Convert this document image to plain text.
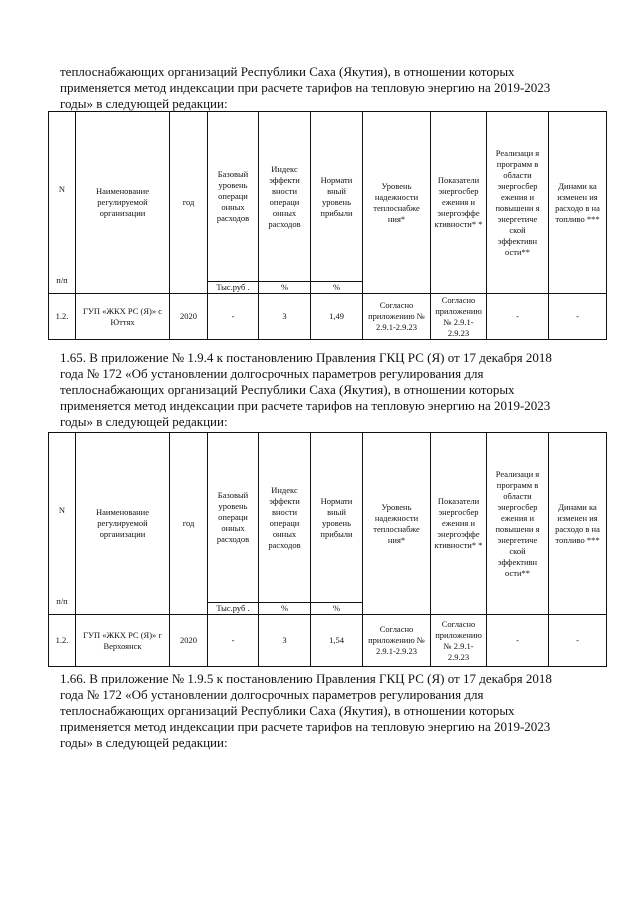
теплоснабжающих организаций Республики Саха (Якутия), в отношении которых
применяется метод индексации при расчете тарифов на тепловую энергию на 2019-2023
годы» в следующей редакции:
N
п/п	Наименование регулируемой организации	год	Базовый уровень операци онных расходов	Индекс эффекти вности операци онных расходов	Нормати вный уровень прибыли	Уровень надежности теплоснабже ния*	Показатели энергосбер ежения и энергоэффе ктивности* *	Реализаци я программ в области энергосбер ежения и повышени я энергетиче ской эффективн ости**	Динами ка изменен ия расходо в на топливо ***
			Тыс.руб .	%	%				
1.2.	ГУП «ЖКХ РС (Я)» с Юттях	2020	-	3	1,49	Согласно приложению № 2.9.1-2.9.23	Согласно приложению № 2.9.1- 2.9.23	-	-
1.65. В приложение № 1.9.4 к постановлению Правления ГКЦ РС (Я) от 17 декабря 2018
года № 172 «Об установлении долгосрочных параметров регулирования для
теплоснабжающих организаций Республики Саха (Якутия), в отношении которых
применяется метод индексации при расчете тарифов на тепловую энергию на 2019-2023
годы» в следующей редакции:
N
п/п	Наименование регулируемой организации	год	Базовый уровень операци онных расходов	Индекс эффекти вности операци онных расходов	Нормати вный уровень прибыли	Уровень надежности теплоснабже ния*	Показатели энергосбер ежения и энергоэффе ктивности* *	Реализаци я программ в области энергосбер ежения и повышени я энергетиче ской эффективн ости**	Динами ка изменен ия расходо в на топливо ***
			Тыс.руб .	%	%				
1.2.	ГУП «ЖКХ РС (Я)» г Верхоянск	2020	-	3	1,54	Согласно приложению № 2.9.1-2.9.23	Согласно приложению № 2.9.1- 2.9.23	-	-
1.66. В приложение № 1.9.5 к постановлению Правления ГКЦ РС (Я) от 17 декабря 2018
года № 172 «Об установлении долгосрочных параметров регулирования для
теплоснабжающих организаций Республики Саха (Якутия), в отношении которых
применяется метод индексации при расчете тарифов на тепловую энергию на 2019-2023
годы» в следующей редакции:
